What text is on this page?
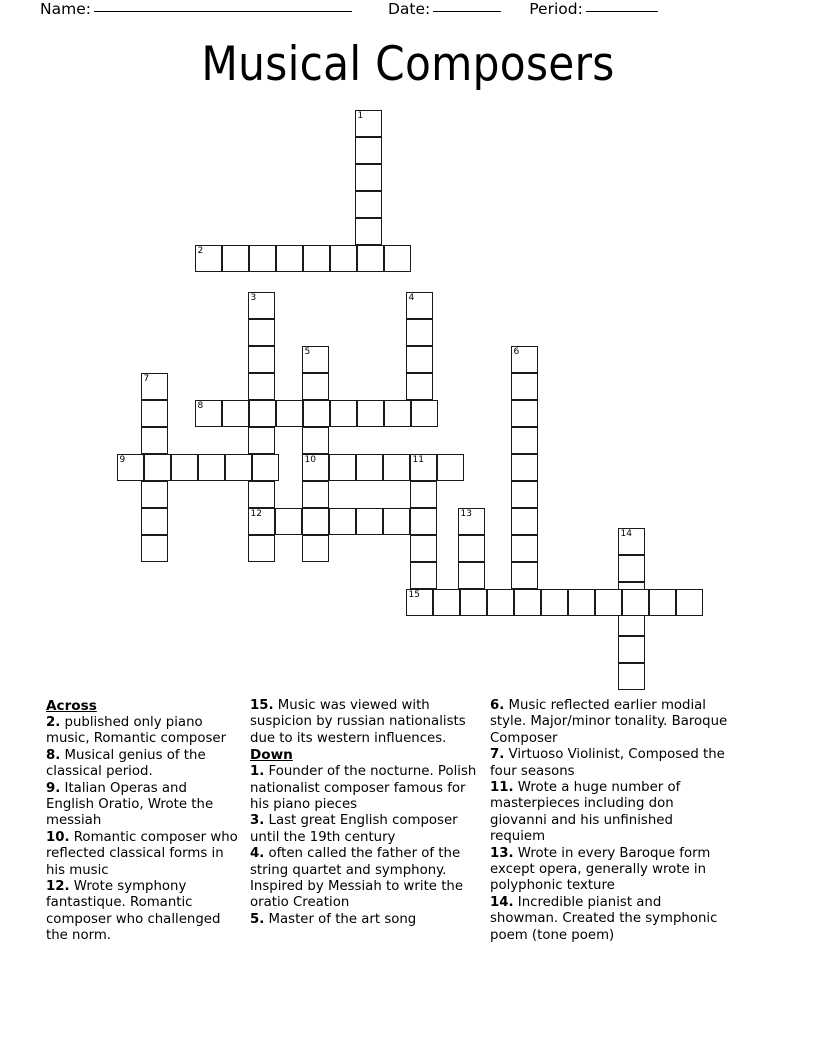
Name:	Date:	Period:
Musical Composers
1
2
3
12
4
5
10
6
7
8
9	11
13
14
15
Across
2. published only piano music, Romantic composer
8. Musical genius of the classical period.
9. Italian Operas and English Oratio, Wrote the messiah
10. Romantic composer who reflected classical forms in his music
12. Wrote symphony fantastique. Romantic composer who challenged the norm.
15. Music was viewed with suspicion by russian nationalists due to its western influences.
Down
1. Founder of the nocturne. Polish nationalist composer famous for his piano pieces
3. Last great English composer until the 19th century
4. often called the father of the string quartet and symphony. Inspired by Messiah to write the oratio Creation
5. Master of the art song
6. Music reflected earlier modial style. Major/minor tonality. Baroque Composer
7. Virtuoso Violinist, Composed the four seasons
11. Wrote a huge number of masterpieces including don giovanni and his unfinished requiem
13. Wrote in every Baroque form except opera, generally wrote in polyphonic texture
14. Incredible pianist and showman. Created the symphonic poem (tone poem)
